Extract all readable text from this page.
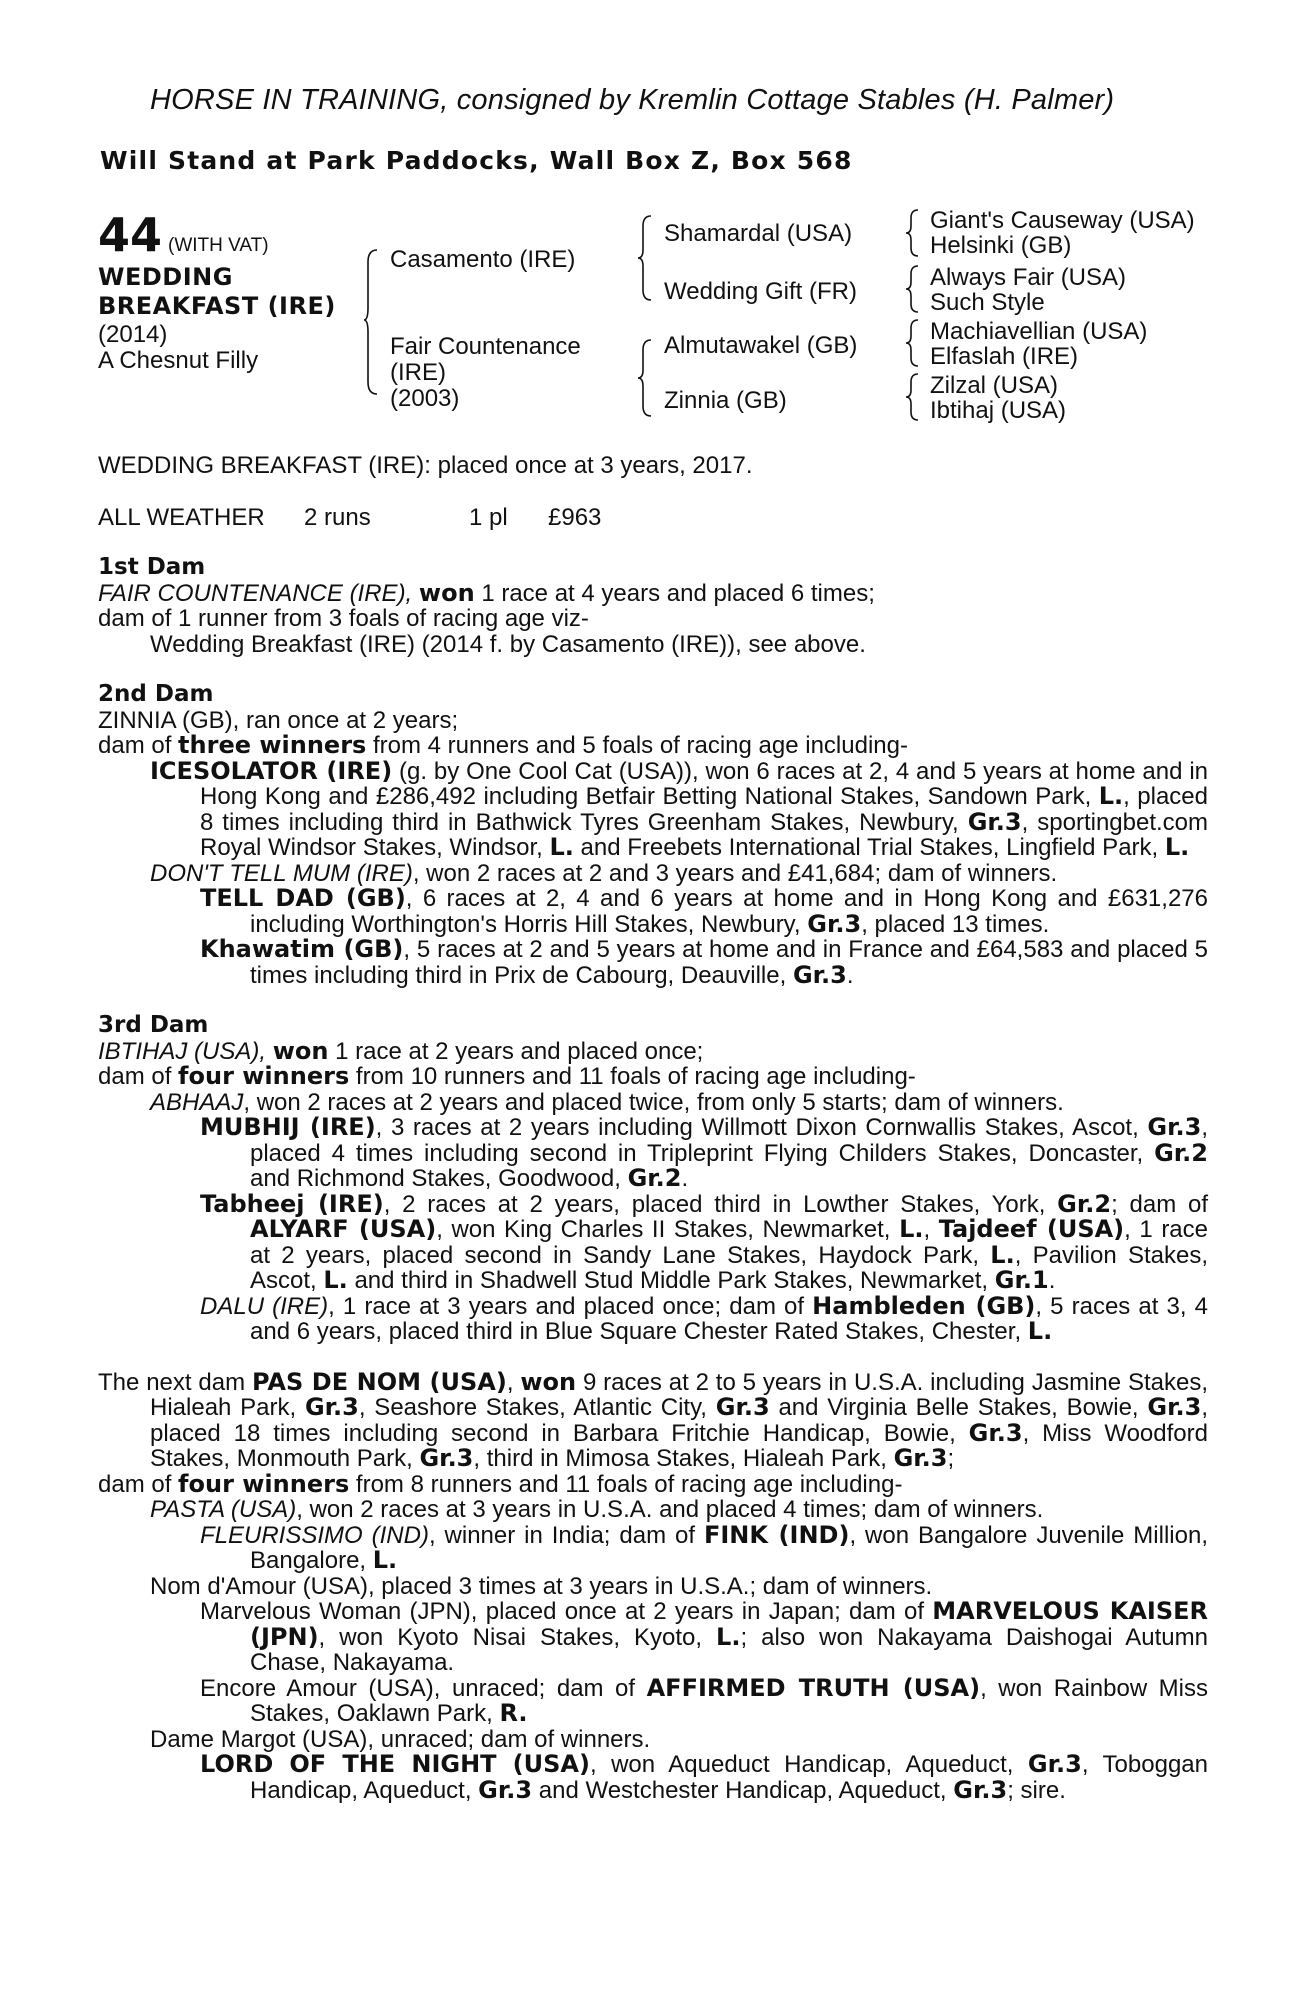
HORSE IN TRAINING, consigned by Kremlin Cottage Stables (H. Palmer)
Will Stand at Park Paddocks, Wall Box Z, Box 568
44 (WITH VAT)
WEDDING
BREAKFAST (IRE)
(2014)
A Chesnut Filly
Casamento (IRE)
Fair Countenance
(IRE)
(2003)
Shamardal (USA)
Wedding Gift (FR)
Almutawakel (GB)
Zinnia (GB)
Giant's Causeway (USA)
Helsinki (GB)
Always Fair (USA)
Such Style
Machiavellian (USA)
Elfaslah (IRE)
Zilzal (USA)
Ibtihaj (USA)
WEDDING BREAKFAST (IRE): placed once at 3 years, 2017.
ALL WEATHER 2 runs	1 pl £963
1st Dam
FAIR COUNTENANCE (IRE), won 1 race at 4 years and placed 6 times;
dam of 1 runner from 3 foals of racing age viz-
Wedding Breakfast (IRE) (2014 f. by Casamento (IRE)), see above.
2nd Dam
ZINNIA (GB), ran once at 2 years;
dam of three winners from 4 runners and 5 foals of racing age including-
ICESOLATOR (IRE) (g. by One Cool Cat (USA)), won 6 races at 2, 4 and 5 years at home and in Hong Kong and £286,492 including Betfair Betting National Stakes, Sandown Park, L., placed 8 times including third in Bathwick Tyres Greenham Stakes, Newbury, Gr.3, sportingbet.com Royal Windsor Stakes, Windsor, L. and Freebets International Trial Stakes, Lingfield Park, L.
DON'T TELL MUM (IRE), won 2 races at 2 and 3 years and £41,684; dam of winners.
TELL DAD (GB), 6 races at 2, 4 and 6 years at home and in Hong Kong and £631,276 including Worthington's Horris Hill Stakes, Newbury, Gr.3, placed 13 times.
Khawatim (GB), 5 races at 2 and 5 years at home and in France and £64,583 and placed 5 times including third in Prix de Cabourg, Deauville, Gr.3.
3rd Dam
IBTIHAJ (USA), won 1 race at 2 years and placed once;
dam of four winners from 10 runners and 11 foals of racing age including-
ABHAAJ, won 2 races at 2 years and placed twice, from only 5 starts; dam of winners.
MUBHIJ (IRE), 3 races at 2 years including Willmott Dixon Cornwallis Stakes, Ascot, Gr.3, placed 4 times including second in Tripleprint Flying Childers Stakes, Doncaster, Gr.2 and Richmond Stakes, Goodwood, Gr.2.
Tabheej (IRE), 2 races at 2 years, placed third in Lowther Stakes, York, Gr.2; dam of ALYARF (USA), won King Charles II Stakes, Newmarket, L., Tajdeef (USA), 1 race at 2 years, placed second in Sandy Lane Stakes, Haydock Park, L., Pavilion Stakes, Ascot, L. and third in Shadwell Stud Middle Park Stakes, Newmarket, Gr.1.
DALU (IRE), 1 race at 3 years and placed once; dam of Hambleden (GB), 5 races at 3, 4 and 6 years, placed third in Blue Square Chester Rated Stakes, Chester, L.
The next dam PAS DE NOM (USA), won 9 races at 2 to 5 years in U.S.A. including Jasmine Stakes, Hialeah Park, Gr.3, Seashore Stakes, Atlantic City, Gr.3 and Virginia Belle Stakes, Bowie, Gr.3, placed 18 times including second in Barbara Fritchie Handicap, Bowie, Gr.3, Miss Woodford Stakes, Monmouth Park, Gr.3, third in Mimosa Stakes, Hialeah Park, Gr.3;
dam of four winners from 8 runners and 11 foals of racing age including-
PASTA (USA), won 2 races at 3 years in U.S.A. and placed 4 times; dam of winners.
FLEURISSIMO (IND), winner in India; dam of FINK (IND), won Bangalore Juvenile Million, Bangalore, L.
Nom d'Amour (USA), placed 3 times at 3 years in U.S.A.; dam of winners.
Marvelous Woman (JPN), placed once at 2 years in Japan; dam of MARVELOUS KAISER (JPN), won Kyoto Nisai Stakes, Kyoto, L.; also won Nakayama Daishogai Autumn Chase, Nakayama.
Encore Amour (USA), unraced; dam of AFFIRMED TRUTH (USA), won Rainbow Miss Stakes, Oaklawn Park, R.
Dame Margot (USA), unraced; dam of winners.
LORD OF THE NIGHT (USA), won Aqueduct Handicap, Aqueduct, Gr.3, Toboggan Handicap, Aqueduct, Gr.3 and Westchester Handicap, Aqueduct, Gr.3; sire.
